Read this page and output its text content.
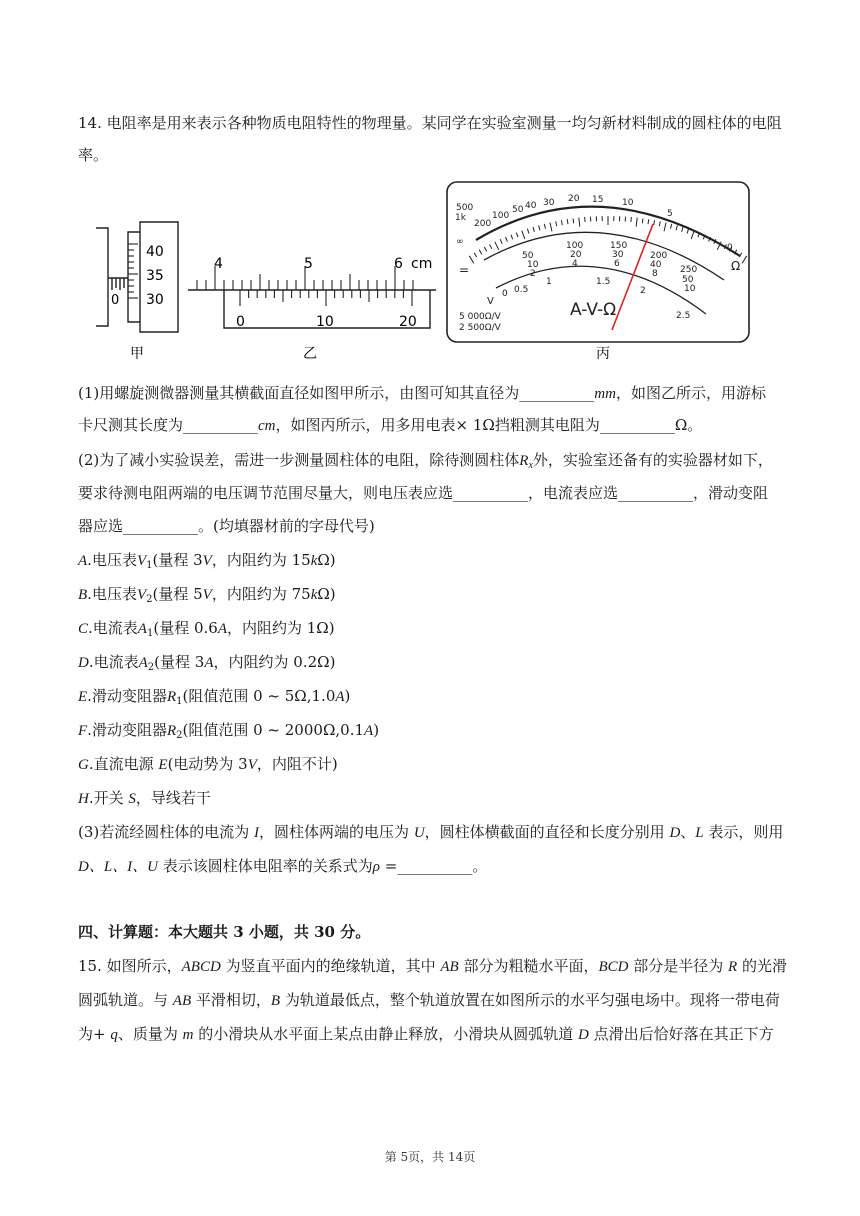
14. 电阻率是用来表示各种物质电阻特性的物理量。某同学在实验室测量一均匀新材料制成的圆柱体的电阻
率。
40
35
30
0
甲
4	5	6 cm
0	10	20
乙
500
1k
∞
200
100
50 40 30 20 15 10
5
0
Ω
50
100	150
200
250
10
20	30
40
50
2
4	6
8
10
0 0.5
1	1.5
2
2.5
=
V
5 000Ω/V
2 500Ω/V
A-V-Ω
丙
(1)用螺旋测微器测量其横截面直径如图甲所示，由图可知其直径为__________mm，如图乙所示，用游标
卡尺测其长度为__________cm，如图丙所示，用多用电表× 1Ω挡粗测其电阻为__________Ω。
(2)为了减小实验误差，需进一步测量圆柱体的电阻，除待测圆柱体$R_x$外，实验室还备有的实验器材如下，
要求待测电阻两端的电压调节范围尽量大，则电压表应选__________，电流表应选__________，滑动变阻
器应选__________。(均填器材前的字母代号)
A.电压表$V_1$(量程 3V，内阻约为 15kΩ)
B.电压表$V_2$(量程 5V，内阻约为 75kΩ)
C.电流表$A_1$(量程 0.6A，内阻约为 1Ω)
D.电流表$A_2$(量程 3A，内阻约为 0.2Ω)
E.滑动变阻器$R_1$(阻值范围 0 ~ 5Ω,1.0A)
F.滑动变阻器$R_2$(阻值范围 0 ~ 2000Ω,0.1A)
G.直流电源 E(电动势为 3V，内阻不计)
H.开关 S，导线若干
(3)若流经圆柱体的电流为 I，圆柱体两端的电压为 U，圆柱体横截面的直径和长度分别用 D、L 表示，则用
D、L、I、U 表示该圆柱体电阻率的关系式为ρ =__________。
四、计算题：本大题共 3 小题，共 30 分。
15. 如图所示，ABCD 为竖直平面内的绝缘轨道，其中 AB 部分为粗糙水平面，BCD 部分是半径为 R 的光滑
圆弧轨道。与 AB 平滑相切，B 为轨道最低点，整个轨道放置在如图所示的水平匀强电场中。现将一带电荷
为+ q、质量为 m 的小滑块从水平面上某点由静止释放，小滑块从圆弧轨道 D 点滑出后恰好落在其正下方
第 5页，共 14页
